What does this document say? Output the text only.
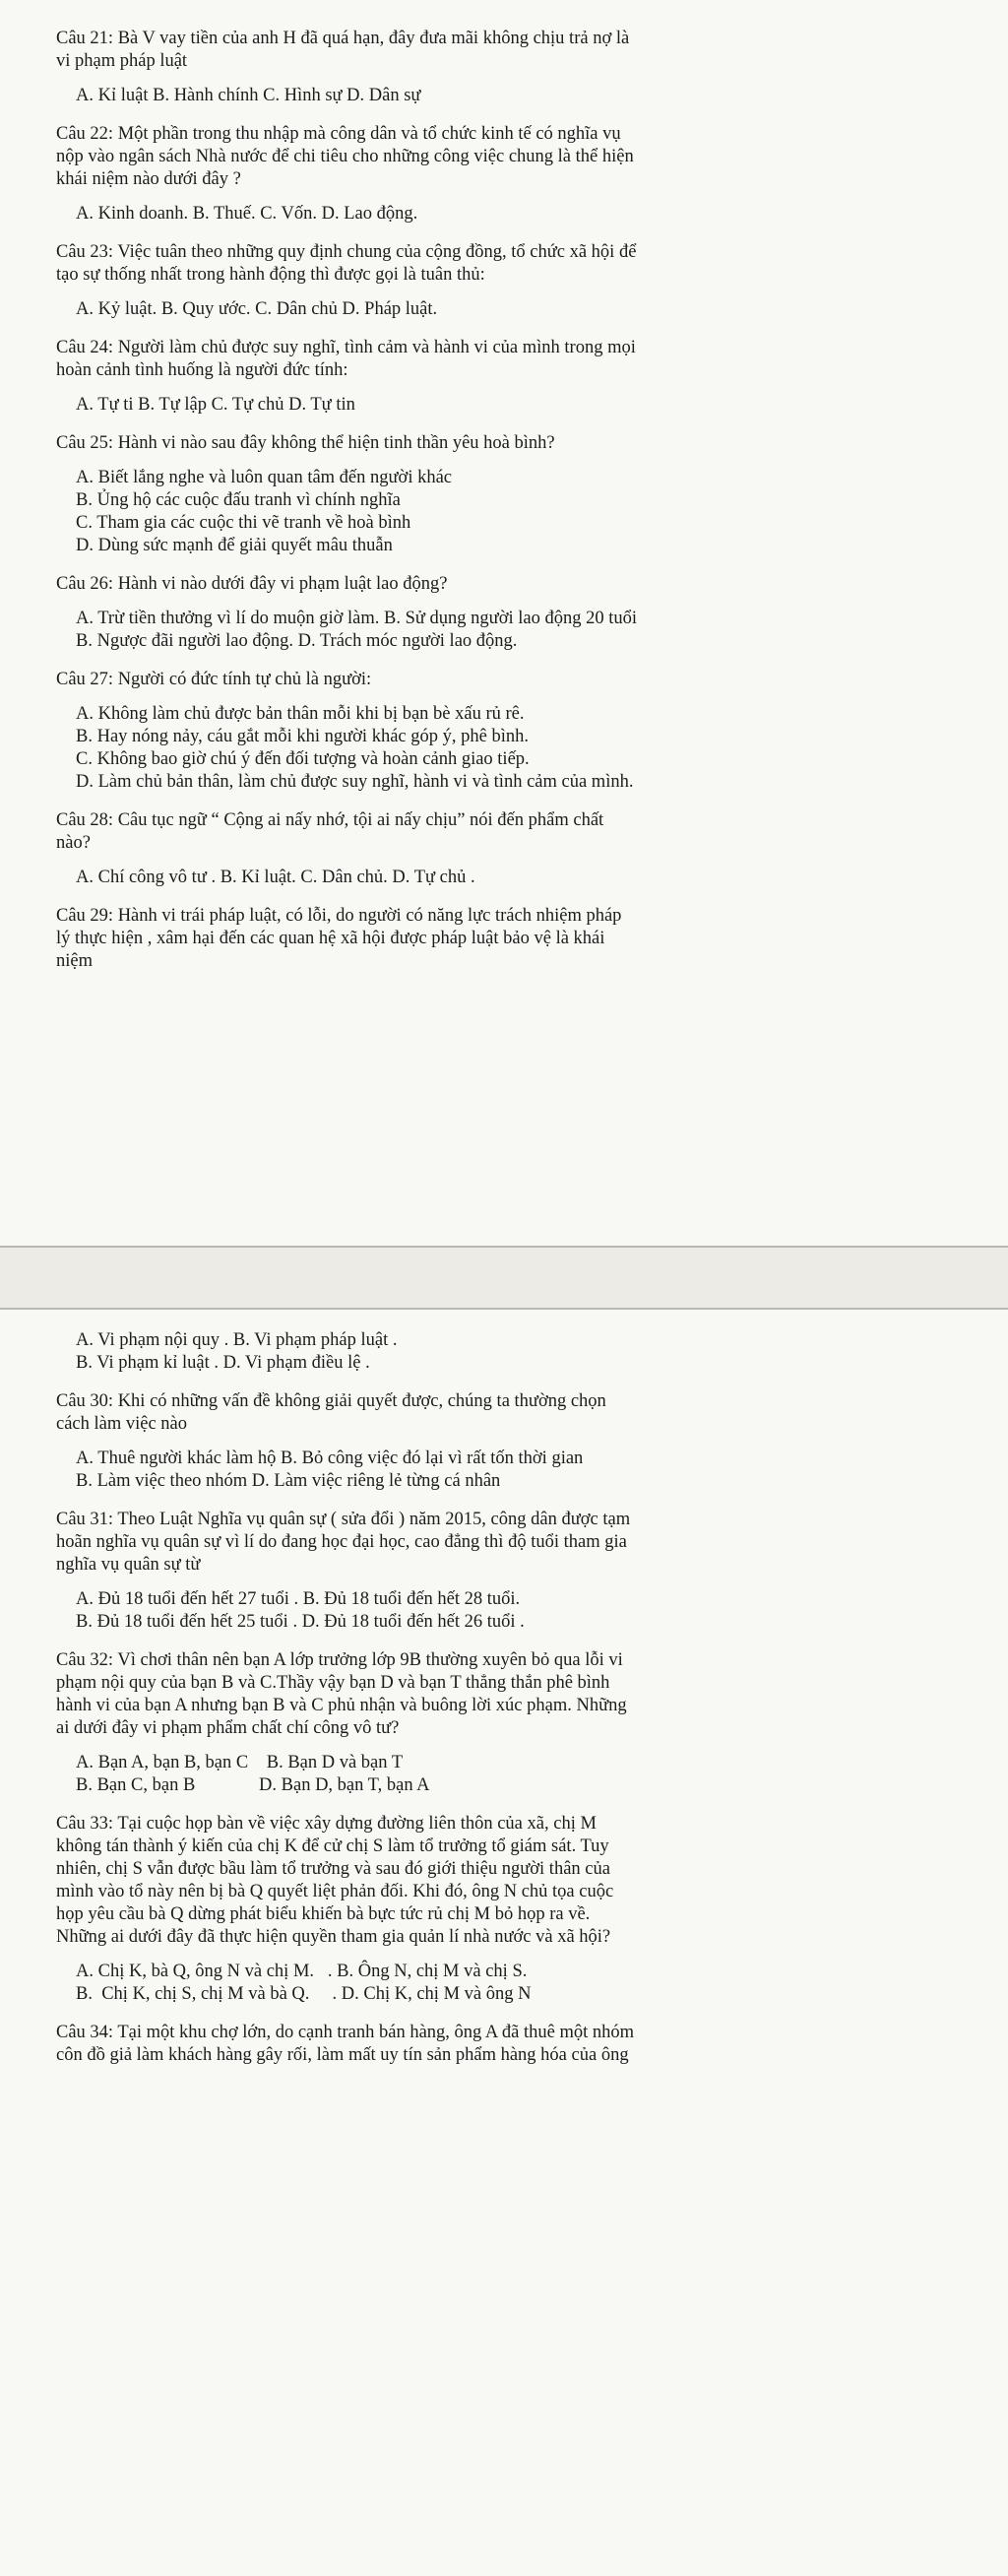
Câu 21: Bà V vay tiền của anh H đã quá hạn, đây đưa mãi không chịu trả nợ là

vi phạm pháp luật

A. Kỉ luật B. Hành chính C. Hình sự D. Dân sự

Câu 22: Một phần trong thu nhập mà công dân và tổ chức kinh tế có nghĩa vụ

nộp vào ngân sách Nhà nước để chi tiêu cho những công việc chung là thể hiện

khái niệm nào dưới đây ?

A. Kinh doanh. B. Thuế. C. Vốn. D. Lao động.

Câu 23: Việc tuân theo những quy định chung của cộng đồng, tổ chức xã hội để

tạo sự thống nhất trong hành động thì được gọi là tuân thủ:

A. Kỷ luật. B. Quy ước. C. Dân chủ D. Pháp luật.

Câu 24: Người làm chủ được suy nghĩ, tình cảm và hành vi của mình trong mọi

hoàn cảnh tình huống là người đức tính:

A. Tự ti B. Tự lập C. Tự chủ D. Tự tin

Câu 25: Hành vi nào sau đây không thể hiện tinh thần yêu hoà bình?

A. Biết lắng nghe và luôn quan tâm đến người khác

B. Ủng hộ các cuộc đấu tranh vì chính nghĩa

C. Tham gia các cuộc thi vẽ tranh về hoà bình

D. Dùng sức mạnh để giải quyết mâu thuẫn

Câu 26: Hành vi nào dưới đây vi phạm luật lao động?

A. Trừ tiền thưởng vì lí do muộn giờ làm. B. Sử dụng người lao động 20 tuổi

B. Ngược đãi người lao động. D. Trách móc người lao động.

Câu 27: Người có đức tính tự chủ là người:

A. Không làm chủ được bản thân mỗi khi bị bạn bè xấu rủ rê.

B. Hay nóng nảy, cáu gắt mỗi khi người khác góp ý, phê bình.

C. Không bao giờ chú ý đến đối tượng và hoàn cảnh giao tiếp.

D. Làm chủ bản thân, làm chủ được suy nghĩ, hành vi và tình cảm của mình.

Câu 28: Câu tục ngữ “ Cộng ai nấy nhớ, tội ai nấy chịu” nói đến phẩm chất

nào?

A. Chí công vô tư . B. Kỉ luật. C. Dân chủ. D. Tự chủ .

Câu 29: Hành vi trái pháp luật, có lỗi, do người có năng lực trách nhiệm pháp

lý thực hiện , xâm hại đến các quan hệ xã hội được pháp luật bảo vệ là khái

niệm

A. Vi phạm nội quy . B. Vi phạm pháp luật .

B. Vi phạm kỉ luật . D. Vi phạm điều lệ .

Câu 30: Khi có những vấn đề không giải quyết được, chúng ta thường chọn

cách làm việc nào

A. Thuê người khác làm hộ B. Bỏ công việc đó lại vì rất tốn thời gian

B. Làm việc theo nhóm D. Làm việc riêng lẻ từng cá nhân

Câu 31: Theo Luật Nghĩa vụ quân sự ( sửa đổi ) năm 2015, công dân được tạm

hoãn nghĩa vụ quân sự vì lí do đang học đại học, cao đẳng thì độ tuổi tham gia

nghĩa vụ quân sự từ

A. Đủ 18 tuổi đến hết 27 tuổi . B. Đủ 18 tuổi đến hết 28 tuổi.

B. Đủ 18 tuổi đến hết 25 tuổi . D. Đủ 18 tuổi đến hết 26 tuổi .

Câu 32: Vì chơi thân nên bạn A lớp trưởng lớp 9B thường xuyên bỏ qua lỗi vi

phạm nội quy của bạn B và C.Thầy vậy bạn D và bạn T thẳng thắn phê bình

hành vi của bạn A nhưng bạn B và C phủ nhận và buông lời xúc phạm. Những

ai dưới đây vi phạm phẩm chất chí công vô tư?

A. Bạn A, bạn B, bạn C    B. Bạn D và bạn T

B. Bạn C, bạn B              D. Bạn D, bạn T, bạn A

Câu 33: Tại cuộc họp bàn về việc xây dựng đường liên thôn của xã, chị M

không tán thành ý kiến của chị K để cử chị S làm tổ trưởng tổ giám sát. Tuy

nhiên, chị S vẫn được bầu làm tổ trưởng và sau đó giới thiệu người thân của

mình vào tổ này nên bị bà Q quyết liệt phản đối. Khi đó, ông N chủ tọa cuộc

họp yêu cầu bà Q dừng phát biểu khiến bà bực tức rủ chị M bỏ họp ra về.

Những ai dưới đây đã thực hiện quyền tham gia quản lí nhà nước và xã hội?

A. Chị K, bà Q, ông N và chị M.   . B. Ông N, chị M và chị S.

B.  Chị K, chị S, chị M và bà Q.     . D. Chị K, chị M và ông N

Câu 34: Tại một khu chợ lớn, do cạnh tranh bán hàng, ông A đã thuê một nhóm

côn đồ giả làm khách hàng gây rối, làm mất uy tín sản phẩm hàng hóa của ông
